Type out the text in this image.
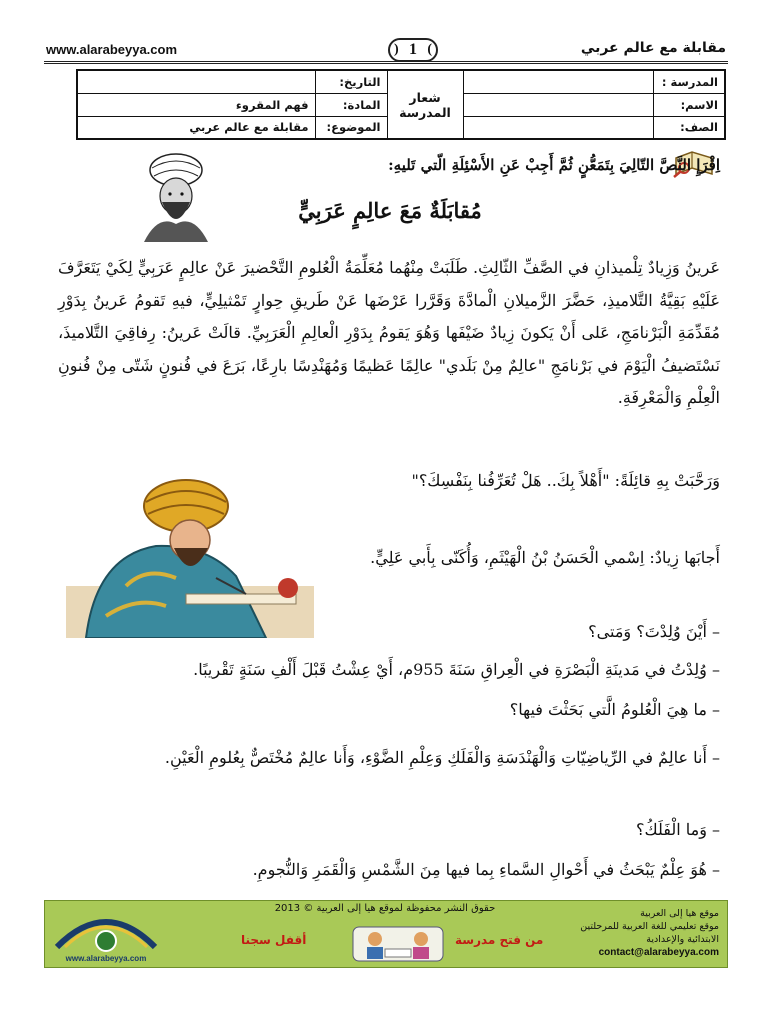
www.alarabeyya.com	) 1 (	مقابلة مع عالم عربي
المدرسة :		شعار المدرسة	التاريخ:	
الاسم:			المادة:	فهم المقروء
الصف:			الموضوع:	مقابلة مع عالم عربي
اِقْرَإِ النَّصَّ التّالِيَ بِتَمَعُّنٍ ثُمَّ أَجِبْ عَنِ الأَسْئِلَةِ الّتي تَليهِ:
مُقابَلَةٌ مَعَ عالِمٍ عَرَبِيٍّ
عَرينُ وَزِيادٌ تِلْميذانِ في الصَّفِّ الثّالِثِ. طَلَبَتْ مِنْهُما مُعَلِّمَةُ الْعُلومِ التَّحْضيرَ عَنْ عالِمٍ عَرَبِيٍّ لِكَيْ يَتَعَرَّفَ عَلَيْهِ بَقِيَّةُ التَّلاميذِ، حَضَّرَ الزَّميلانِ الْمادَّةَ وَقَرَّرا عَرْضَها عَنْ طَريقِ حِوارٍ تَمْثيلِيٍّ، فيهِ تَقومُ عَرينُ بِدَوْرِ مُقَدِّمَةِ الْبَرْنامَجِ، عَلى أَنْ يَكونَ زِيادٌ ضَيْفَها وَهُوَ يَقومُ بِدَوْرِ الْعالِمِ الْعَرَبِيِّ. قالَتْ عَرينُ: رِفاقِيَ التَّلاميذَ، نَسْتَضيفُ الْيَوْمَ في بَرْنامَجِ "عالِمٌ مِنْ بَلَدي" عالِمًا عَظيمًا وَمُهَنْدِسًا بارِعًا، بَرَعَ في فُنونٍ شَتّى مِنْ فُنونِ الْعِلْمِ وَالْمَعْرِفَةِ.
وَرَحَّبَتْ بِهِ قائِلَةً: "أَهْلاً بِكَ.. هَلْ تُعَرِّفُنا بِنَفْسِكَ؟"
أَجابَها زِيادٌ: اِسْمي الْحَسَنُ بْنُ الْهَيْثَمِ، وَأُكَنّى بِأَبي عَلِيٍّ.
– أَيْنَ وُلِدْتَ؟ وَمَتى؟
– وُلِدْتُ في مَدينَةِ الْبَصْرَةِ في الْعِراقِ سَنَةَ 955م، أَيْ عِشْتُ قَبْلَ أَلْفِ سَنَةٍ تَقْريبًا.
– ما هِيَ الْعُلومُ الَّتي بَحَثْتَ فيها؟
– أَنا عالِمٌ في الرِّياضِيّاتِ وَالْهَنْدَسَةِ وَالْفَلَكِ وَعِلْمِ الضَّوْءِ، وَأَنا عالِمٌ مُخْتَصٌّ بِعُلومِ الْعَيْنِ.
– وَما الْفَلَكُ؟
– هُوَ عِلْمٌ يَبْحَثُ في أَحْوالِ السَّماءِ بِما فيها مِنَ الشَّمْسِ وَالْقَمَرِ وَالنُّجومِ.
www.alarabeyya.com
حقوق النشر محفوظة لموقع هيا إلى العربية © 2013
أقفل سجنا	من فتح مدرسة
موقع هيا إلى العربية
موقع تعليمي للغة العربية للمرحلتين
الابتدائية والإعدادية
contact@alarabeyya.com
